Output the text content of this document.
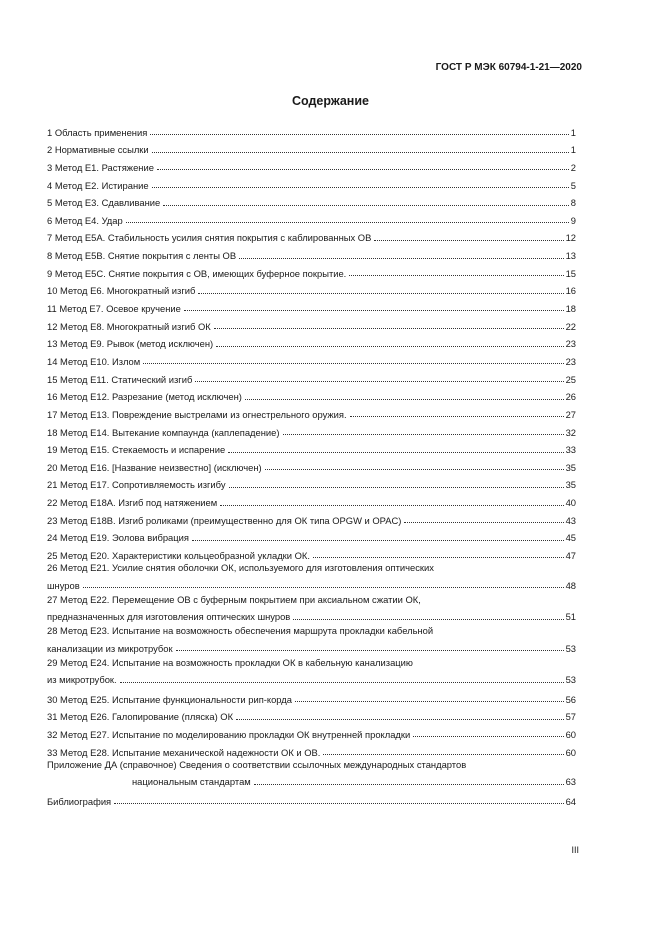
ГОСТ Р МЭК 60794-1-21—2020
Содержание
1 Область применения	1
2 Нормативные ссылки	1
3 Метод E1. Растяжение	2
4 Метод E2. Истирание	5
5 Метод E3. Сдавливание	8
6 Метод E4. Удар	9
7 Метод E5A. Стабильность усилия снятия покрытия с каблированных ОВ	12
8 Метод E5B. Снятие покрытия с ленты ОВ	13
9 Метод E5C. Снятие покрытия с ОВ, имеющих буферное покрытие.	15
10 Метод E6. Многократный изгиб	16
11 Метод E7. Осевое кручение	18
12 Метод E8. Многократный изгиб ОК	22
13 Метод E9. Рывок (метод исключен)	23
14 Метод E10. Излом	23
15 Метод E11. Статический изгиб	25
16 Метод E12. Разрезание (метод исключен)	26
17 Метод E13. Повреждение выстрелами из огнестрельного оружия.	27
18 Метод E14. Вытекание компаунда (каплепадение)	32
19 Метод E15. Стекаемость и испарение	33
20 Метод E16. [Название неизвестно] (исключен)	35
21 Метод E17. Сопротивляемость изгибу	35
22 Метод E18A. Изгиб под натяжением	40
23 Метод E18B. Изгиб роликами (преимущественно для ОК типа OPGW и OPAC)	43
24 Метод E19. Эолова вибрация	45
25 Метод E20. Характеристики кольцеобразной укладки ОК.	47
26 Метод E21. Усилие снятия оболочки ОК, используемого для изготовления оптических
шнуров	48
27 Метод E22. Перемещение ОВ с буферным покрытием при аксиальном сжатии ОК,
предназначенных для изготовления оптических шнуров	51
28 Метод E23. Испытание на возможность обеспечения маршрута прокладки кабельной
канализации из микротрубок	53
29 Метод E24. Испытание на возможность прокладки ОК в кабельную канализацию
из микротрубок.	53
30 Метод E25. Испытание функциональности рип-корда	56
31 Метод E26. Галопирование (пляска) ОК	57
32 Метод E27. Испытание по моделированию прокладки ОК внутренней прокладки	60
33 Метод E28. Испытание механической надежности ОК и ОВ.	60
Приложение ДА (справочное) Сведения о соответствии ссылочных международных стандартов
национальным стандартам	63
Библиография	64
III
